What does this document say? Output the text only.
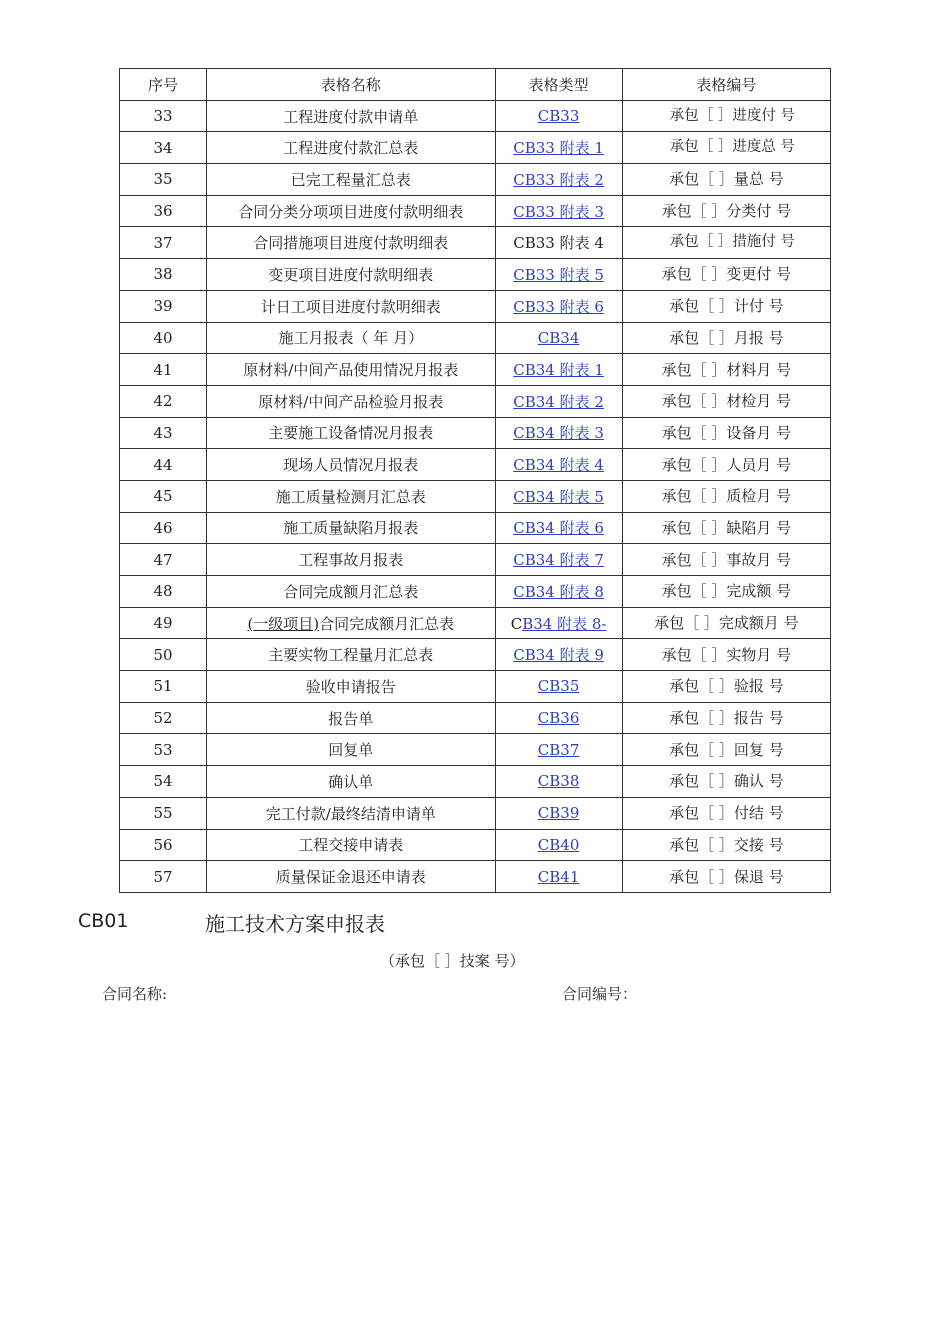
序号	表格名称	表格类型	表格编号
33	工程进度付款申请单	CB33	承包［ ］进度付 号
34	工程进度付款汇总表	CB33 附表 1	承包［ ］进度总 号
35	已完工程量汇总表	CB33 附表 2	承包［ ］量总 号
36	合同分类分项项目进度付款明细表	CB33 附表 3	承包［ ］分类付 号
37	合同措施项目进度付款明细表	CB33 附表 4	承包［ ］措施付 号
38	变更项目进度付款明细表	CB33 附表 5	承包［ ］变更付 号
39	计日工项目进度付款明细表	CB33 附表 6	承包［ ］计付 号
40	施工月报表（ 年 月）	CB34	承包［ ］月报 号
41	原材料/中间产品使用情况月报表	CB34 附表 1	承包［ ］材料月 号
42	原材料/中间产品检验月报表	CB34 附表 2	承包［ ］材检月 号
43	主要施工设备情况月报表	CB34 附表 3	承包［ ］设备月 号
44	现场人员情况月报表	CB34 附表 4	承包［ ］人员月 号
45	施工质量检测月汇总表	CB34 附表 5	承包［ ］质检月 号
46	施工质量缺陷月报表	CB34 附表 6	承包［ ］缺陷月 号
47	工程事故月报表	CB34 附表 7	承包［ ］事故月 号
48	合同完成额月汇总表	CB34 附表 8	承包［ ］完成额 号
49	(一级项目)合同完成额月汇总表	CB34 附表 8-	承包［ ］完成额月 号
50	主要实物工程量月汇总表	CB34 附表 9	承包［ ］实物月 号
51	验收申请报告	CB35	承包［ ］验报 号
52	报告单	CB36	承包［ ］报告 号
53	回复单	CB37	承包［ ］回复 号
54	确认单	CB38	承包［ ］确认 号
55	完工付款/最终结清申请单	CB39	承包［ ］付结 号
56	工程交接申请表	CB40	承包［ ］交接 号
57	质量保证金退还申请表	CB41	承包［ ］保退 号
CB01	施工技术方案申报表
（承包［ ］技案 号）
合同名称:	合同编号：
